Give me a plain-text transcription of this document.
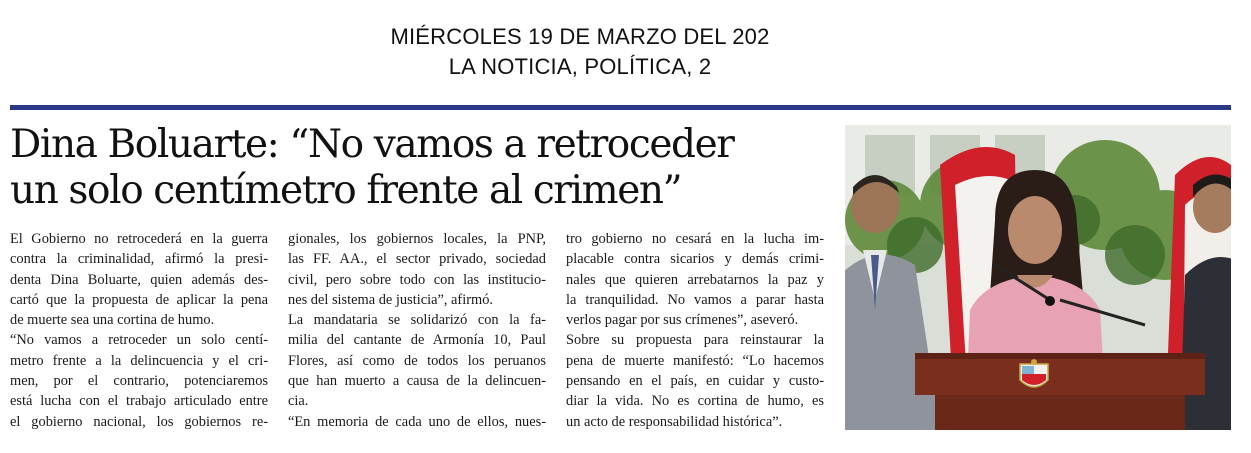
MIÉRCOLES 19 DE MARZO DEL 202
LA NOTICIA, POLÍTICA, 2
Dina Boluarte: “No vamos a retroceder
un solo centímetro frente al crimen”
El Gobierno no retrocederá en la guerra
contra la criminalidad, afirmó la presi-
denta Dina Boluarte, quien además des-
cartó que la propuesta de aplicar la pena
de muerte sea una cortina de humo.
“No vamos a retroceder un solo centí-
metro frente a la delincuencia y el cri-
men, por el contrario, potenciaremos
está lucha con el trabajo articulado entre
el gobierno nacional, los gobiernos re-
gionales, los gobiernos locales, la PNP,
las FF. AA., el sector privado, sociedad
civil, pero sobre todo con las institucio-
nes del sistema de justicia”, afirmó.
La mandataria se solidarizó con la fa-
milia del cantante de Armonía 10, Paul
Flores, así como de todos los peruanos
que han muerto a causa de la delincuen-
cia.
“En memoria de cada uno de ellos, nues-
tro gobierno no cesará en la lucha im-
placable contra sicarios y demás crimi-
nales que quieren arrebatarnos la paz y
la tranquilidad. No vamos a parar hasta
verlos pagar por sus crímenes”, aseveró.
Sobre su propuesta para reinstaurar la
pena de muerte manifestó: “Lo hacemos
pensando en el país, en cuidar y custo-
diar la vida. No es cortina de humo, es
un acto de responsabilidad histórica”.
